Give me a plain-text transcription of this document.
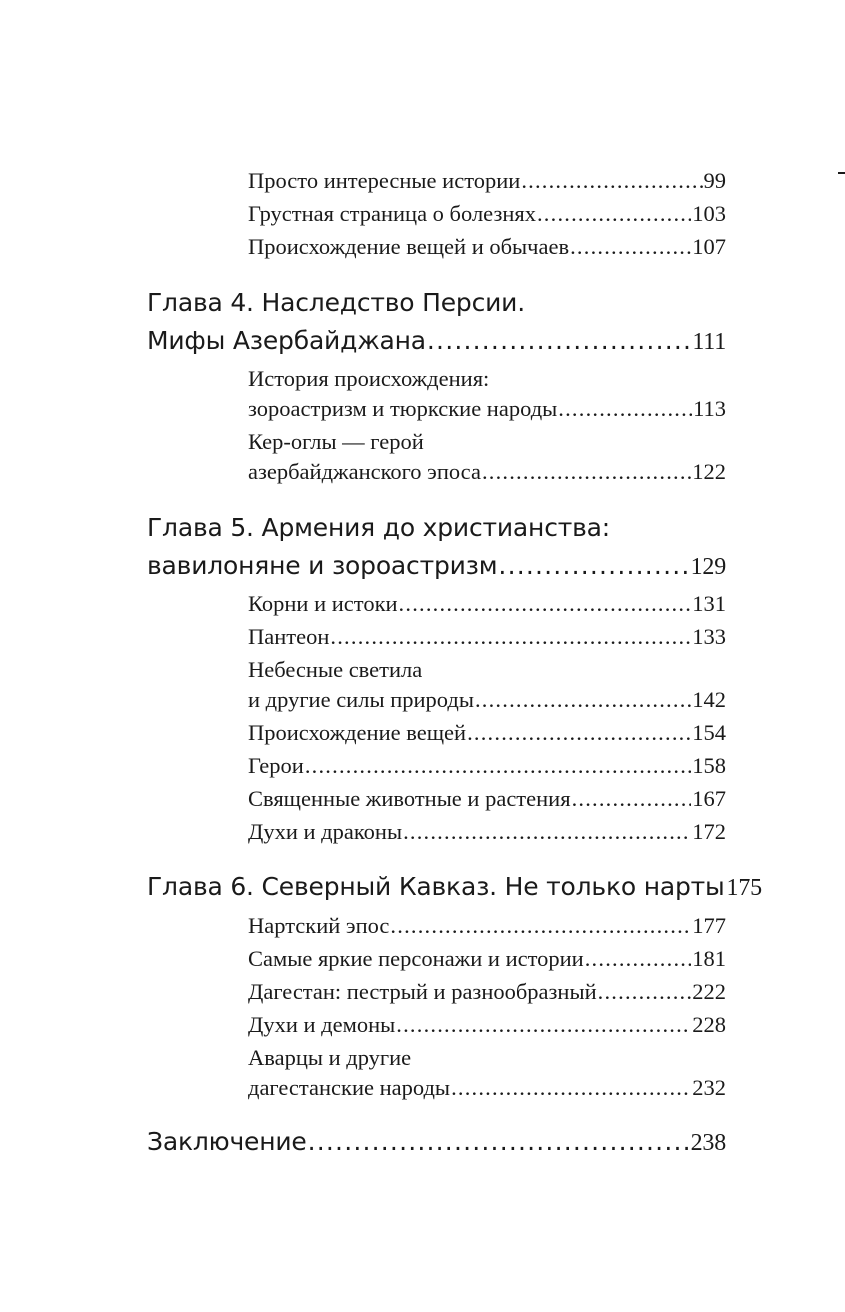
Просто интересные истории .....	99
Грустная страница о болезнях .....	103
Происхождение вещей и обычаев .....	107
Глава 4. Наследство Персии.
Мифы Азербайджана .....	111
История происхождения:
зороастризм и тюркские народы .....	113
Кер-оглы — герой
азербайджанского эпоса .....	122
Глава 5. Армения до христианства:
вавилоняне и зороастризм .....	129
Корни и истоки .....	131
Пантеон .....	133
Небесные светила
и другие силы природы .....	142
Происхождение вещей .....	154
Герои .....	158
Священные животные и растения .....	167
Духи и драконы .....	172
Глава 6. Северный Кавказ. Не только нарты 175
Нартский эпос .....	177
Самые яркие персонажи и истории .....	181
Дагестан: пестрый и разнообразный .....	222
Духи и демоны .....	228
Аварцы и другие
дагестанские народы .....	232
Заключение .....	238
